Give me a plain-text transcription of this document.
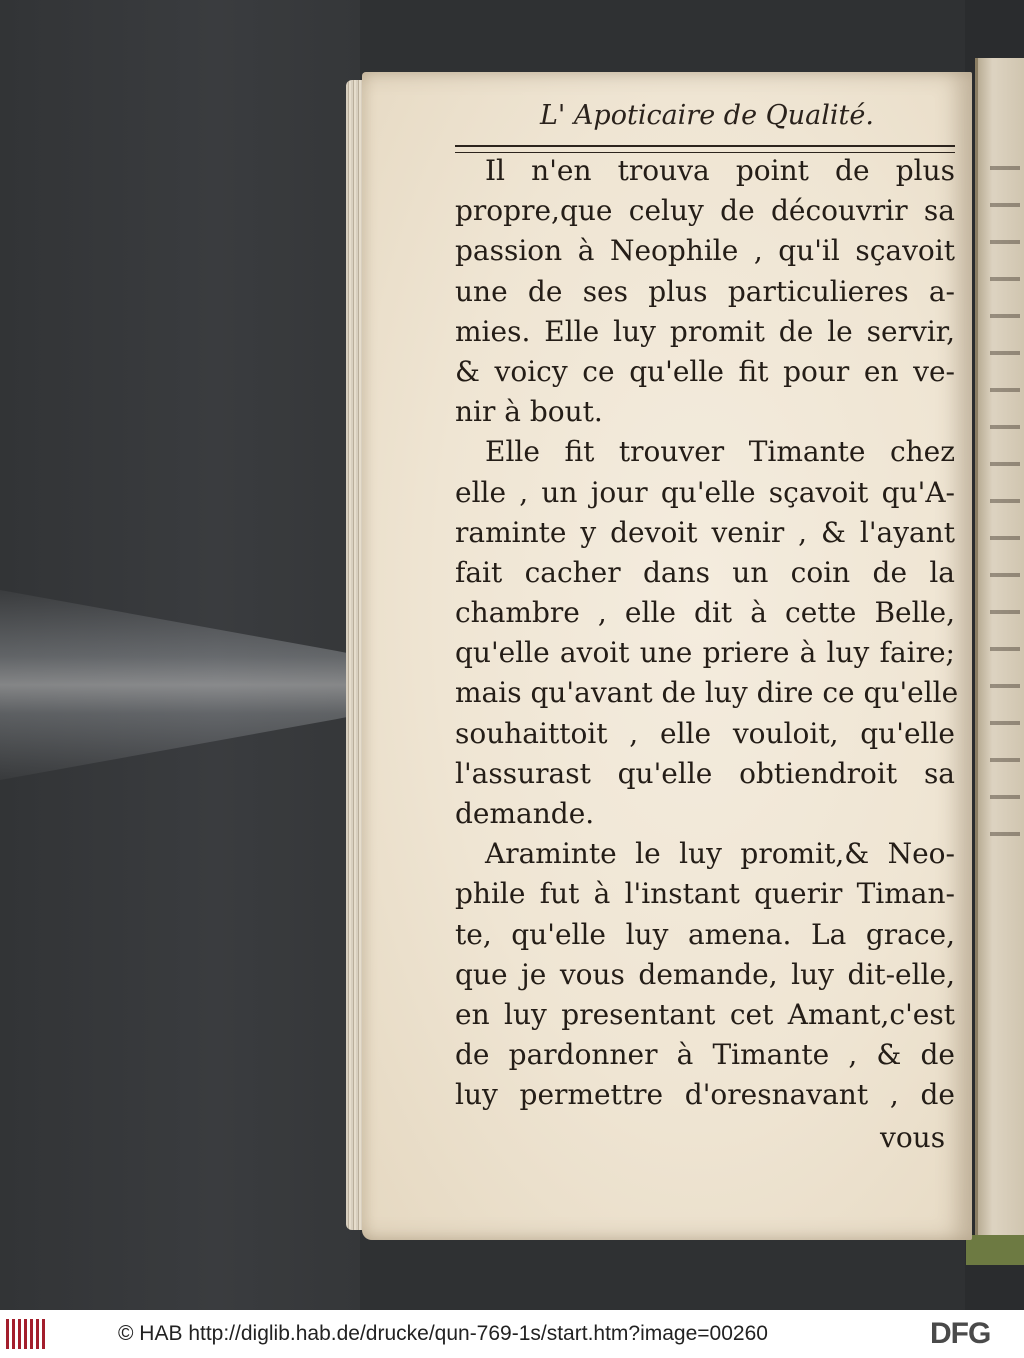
L' Apoticaire de Qualité.
Il n'en trouva point de plus
propre,que celuy de découvrir sa
passion à Neophile , qu'il sçavoit
une de ses plus particulieres a-
mies. Elle luy promit de le servir,
& voicy ce qu'elle fit pour en ve-
nir à bout.
Elle fit trouver Timante chez
elle , un jour qu'elle sçavoit qu'A-
raminte y devoit venir , & l'ayant
fait cacher dans un coin de la
chambre , elle dit à cette Belle,
qu'elle avoit une priere à luy faire;
mais qu'avant de luy dire ce qu'elle
souhaittoit , elle vouloit, qu'elle
l'assurast qu'elle obtiendroit sa
demande.
Araminte le luy promit,& Neo-
phile fut à l'instant querir Timan-
te, qu'elle luy amena. La grace,
que je vous demande, luy dit-elle,
en luy presentant cet Amant,c'est
de pardonner à Timante , & de
luy permettre d'oresnavant , de
vous
© HAB http://diglib.hab.de/drucke/qun-769-1s/start.htm?image=00260	DFG
